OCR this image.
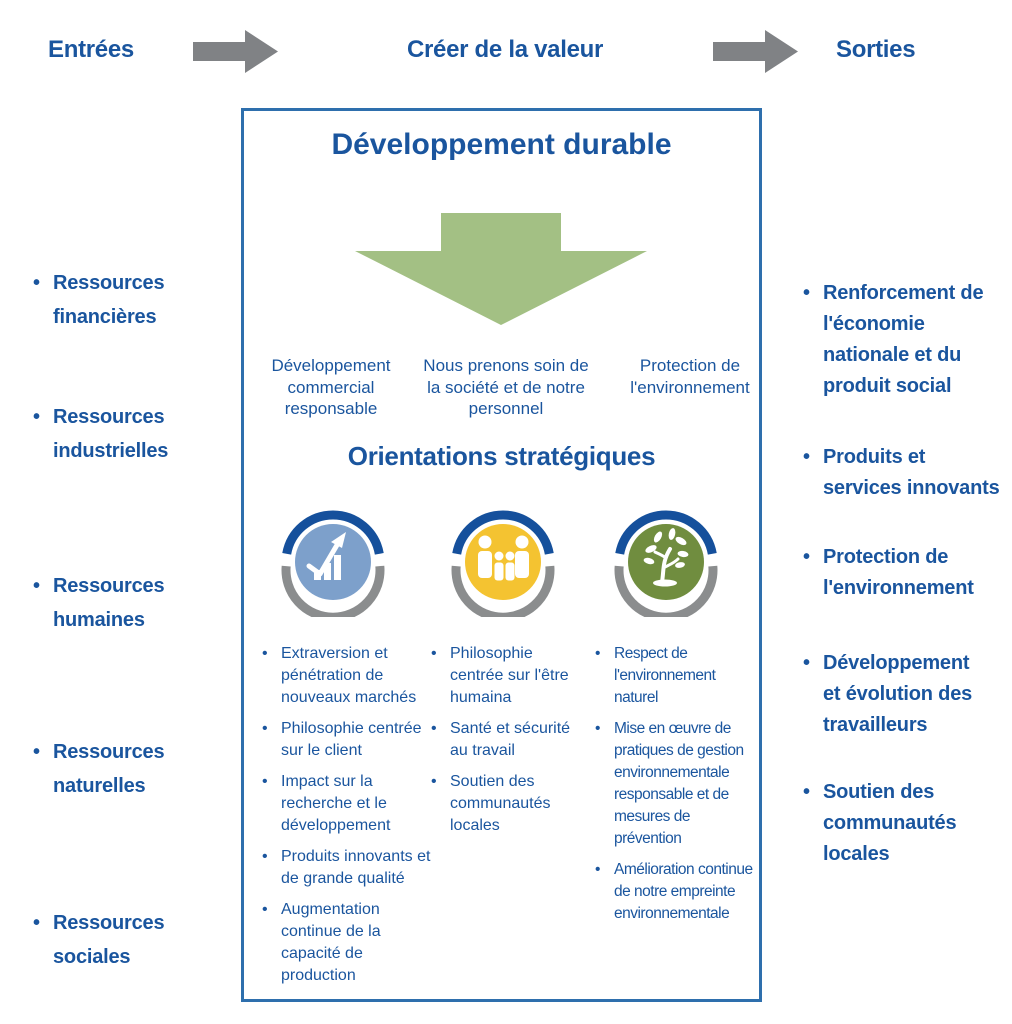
Entrées	Créer de la valeur	Sorties
• Ressources financières
• Ressources industrielles
• Ressources humaines
• Ressources naturelles
• Ressources sociales
• Renforcement de l'économie nationale et du produit social
• Produits et services innovants
• Protection de l'environnement
• Développement et évolution des travailleurs
• Soutien des communautés locales
Développement durable
Développement commercial responsable
Nous prenons soin de la société et de notre personnel
Protection de l'environnement
Orientations stratégiques
• Extraversion et pénétration de nouveaux marchés
• Philosophie centrée sur le client
• Impact sur la recherche et le développement
• Produits innovants et de grande qualité
• Augmentation continue de la capacité de production
• Philosophie centrée sur l'être humaina
• Santé et sécurité au travail
• Soutien des communautés locales
• Respect de l'environnement naturel
• Mise en œuvre de pratiques de gestion environnementale responsable et de mesures de prévention
• Amélioration continue de notre empreinte environnementale
